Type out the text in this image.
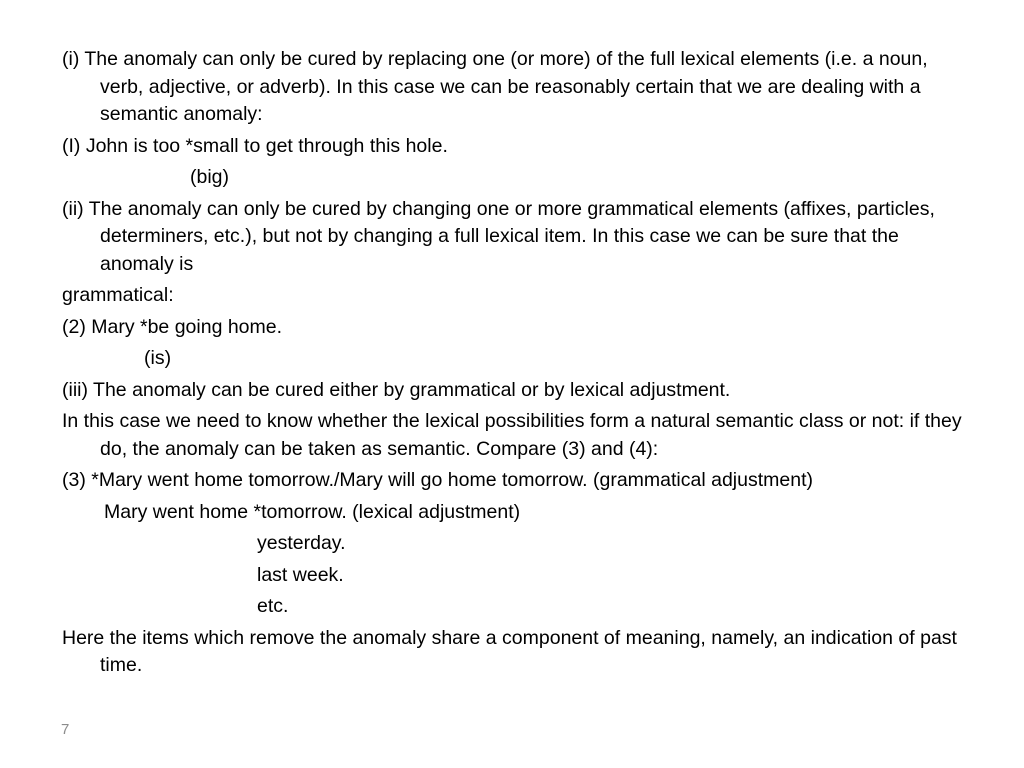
(i) The anomaly can only be cured by replacing one (or more) of the full lexical elements (i.e. a noun, verb, adjective, or adverb). In this case we can be reasonably certain that we are dealing with a semantic anomaly:

(I) John is too *small to get through this hole.

(big)

(ii) The anomaly can only be cured by changing one or more grammatical elements (affixes, particles, determiners, etc.), but not by changing a full lexical item. In this case we can be sure that the anomaly is

grammatical:

(2) Mary *be going home.

(is)

(iii) The anomaly can be cured either by grammatical or by lexical adjustment.

In this case we need to know whether the lexical possibilities form a natural semantic class or not: if they do, the anomaly can be taken as semantic. Compare (3) and (4):

(3) *Mary went home tomorrow./Mary will go home tomorrow. (grammatical adjustment)

Mary went home *tomorrow. (lexical adjustment)

yesterday.

last week.

etc.

Here the items which remove the anomaly share a component of meaning, namely, an indication of past time.

7
